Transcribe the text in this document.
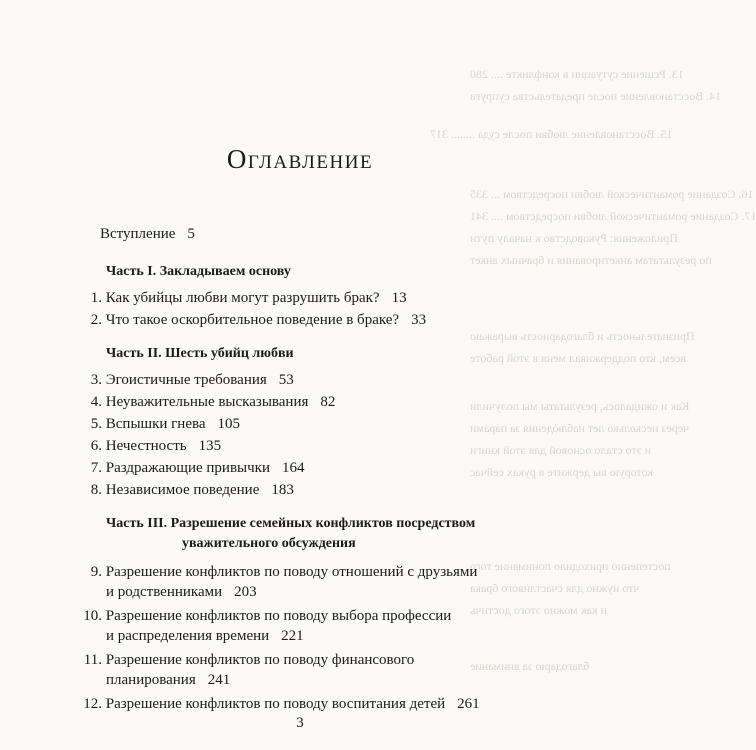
13. Рсшение сутуации в конфликте .... 280
14. Восстановление после предательства супруга
15. Восстановление любви после суда ........ 317
16. Создание романтической любви посредством ... 335
17. Создание романтической любви посредством .... 341
Приложения: Руководство к началу пути
по результатам анкетирования и брачных анкет
Признательность и благодарность выражаю
всем, кто поддерживал меня в этой работе
Как и ожидалось, результаты мы получили
через несколько лет наблюдения за парами
и это стало основой для этой книги
которую вы держите в руках сейчас
постепенно приходило понимание того
что нужно для счастливого брака
и как можно этого достичь
благодарю за внимание
Оглавление
Вступление 5
Часть I. Закладываем основу
1. Как убийцы любви могут разрушить брак? 13
2. Что такое оскорбительное поведение в браке? 33
Часть II. Шесть убийц любви
3. Эгоистичные требования 53
4. Неуважительные высказывания 82
5. Вспышки гнева 105
6. Нечестность 135
7. Раздражающие привычки 164
8. Независимое поведение 183
Часть III. Разрешение семейных конфликтов посредством
уважительного обсуждения
9. Разрешение конфликтов по поводу отношений с друзьями
и родственниками 203
10. Разрешение конфликтов по поводу выбора профессии
и распределения времени 221
11. Разрешение конфликтов по поводу финансового
планирования 241
12. Разрешение конфликтов по поводу воспитания детей 261
3
